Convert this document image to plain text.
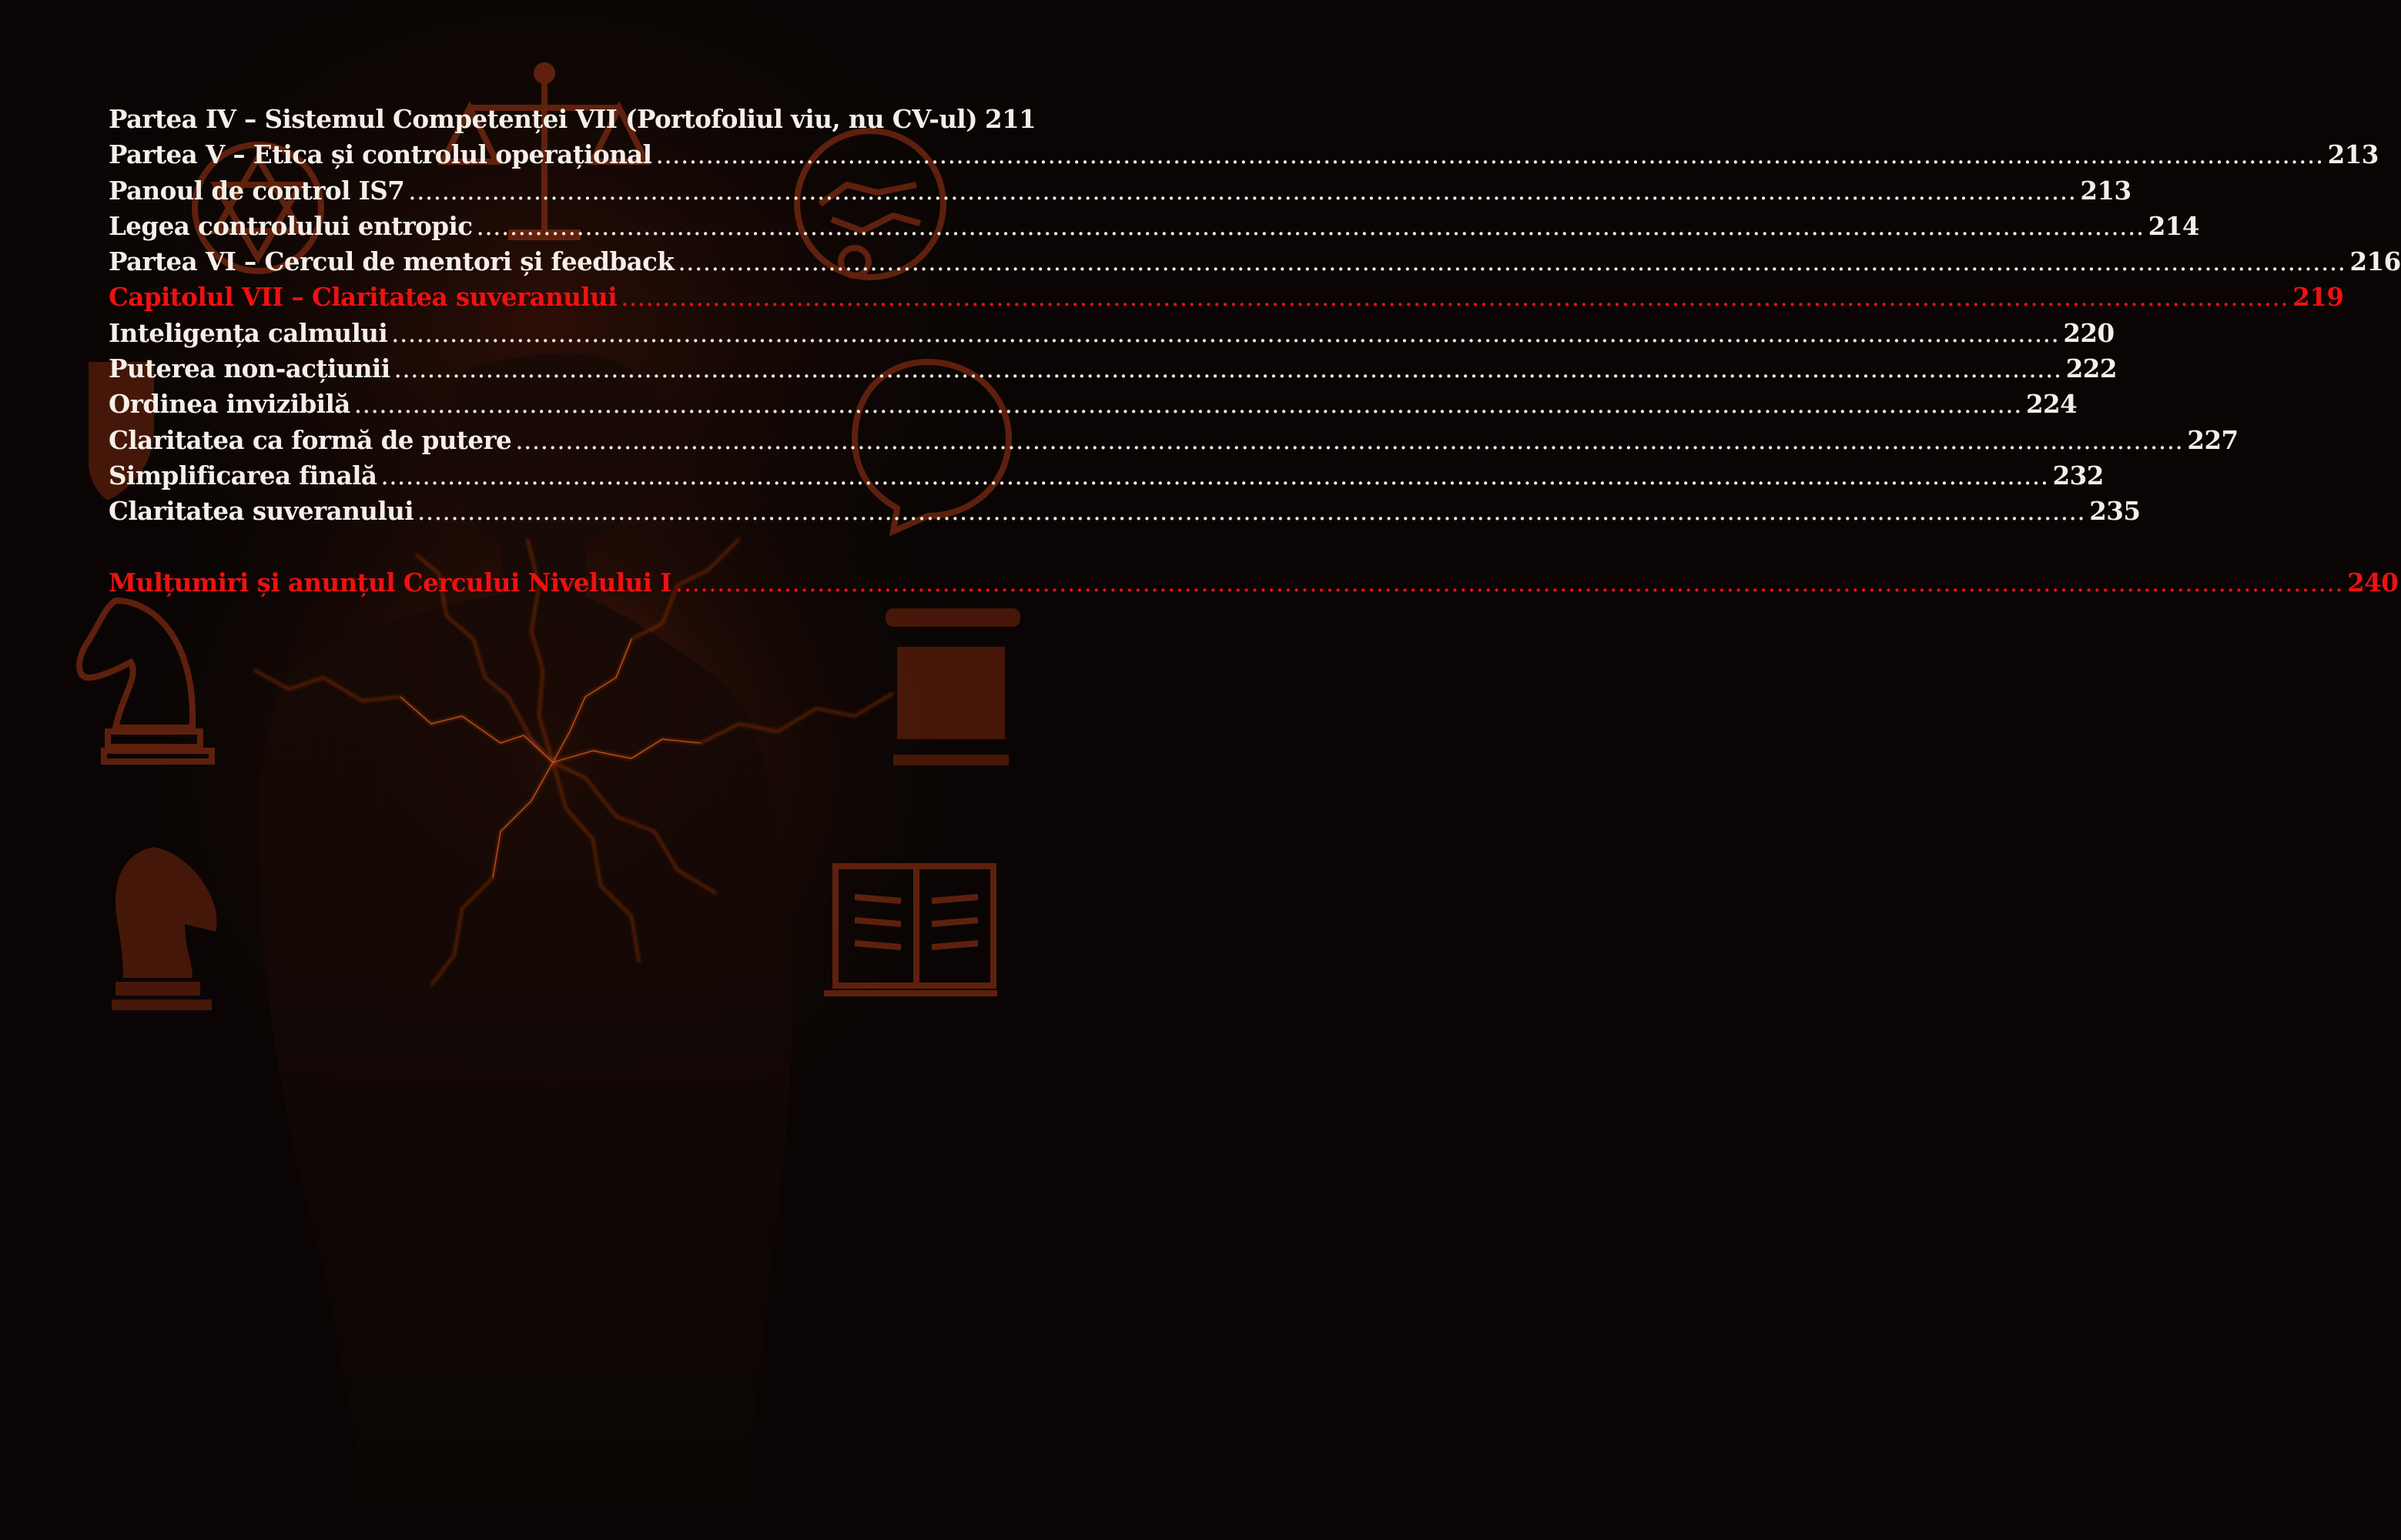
Partea IV – Sistemul Competenței VII (Portofoliul viu, nu CV-ul) 211
Partea V – Etica și controlul operațional ........................................................................................................................................................................................................ 213
Panoul de control IS7 ........................................................................................................................................................................................................ 213
Legea controlului entropic ........................................................................................................................................................................................................ 214
Partea VI – Cercul de mentori și feedback ........................................................................................................................................................................................................ 216
Capitolul VII – Claritatea suveranului ........................................................................................................................................................................................................ 219
Inteligența calmului ........................................................................................................................................................................................................ 220
Puterea non-acțiunii ........................................................................................................................................................................................................ 222
Ordinea invizibilă ........................................................................................................................................................................................................ 224
Claritatea ca formă de putere ........................................................................................................................................................................................................ 227
Simplificarea finală ........................................................................................................................................................................................................ 232
Claritatea suveranului ........................................................................................................................................................................................................ 235
Mulțumiri și anunțul Cercului Nivelului I ........................................................................................................................................................................................................ 240
